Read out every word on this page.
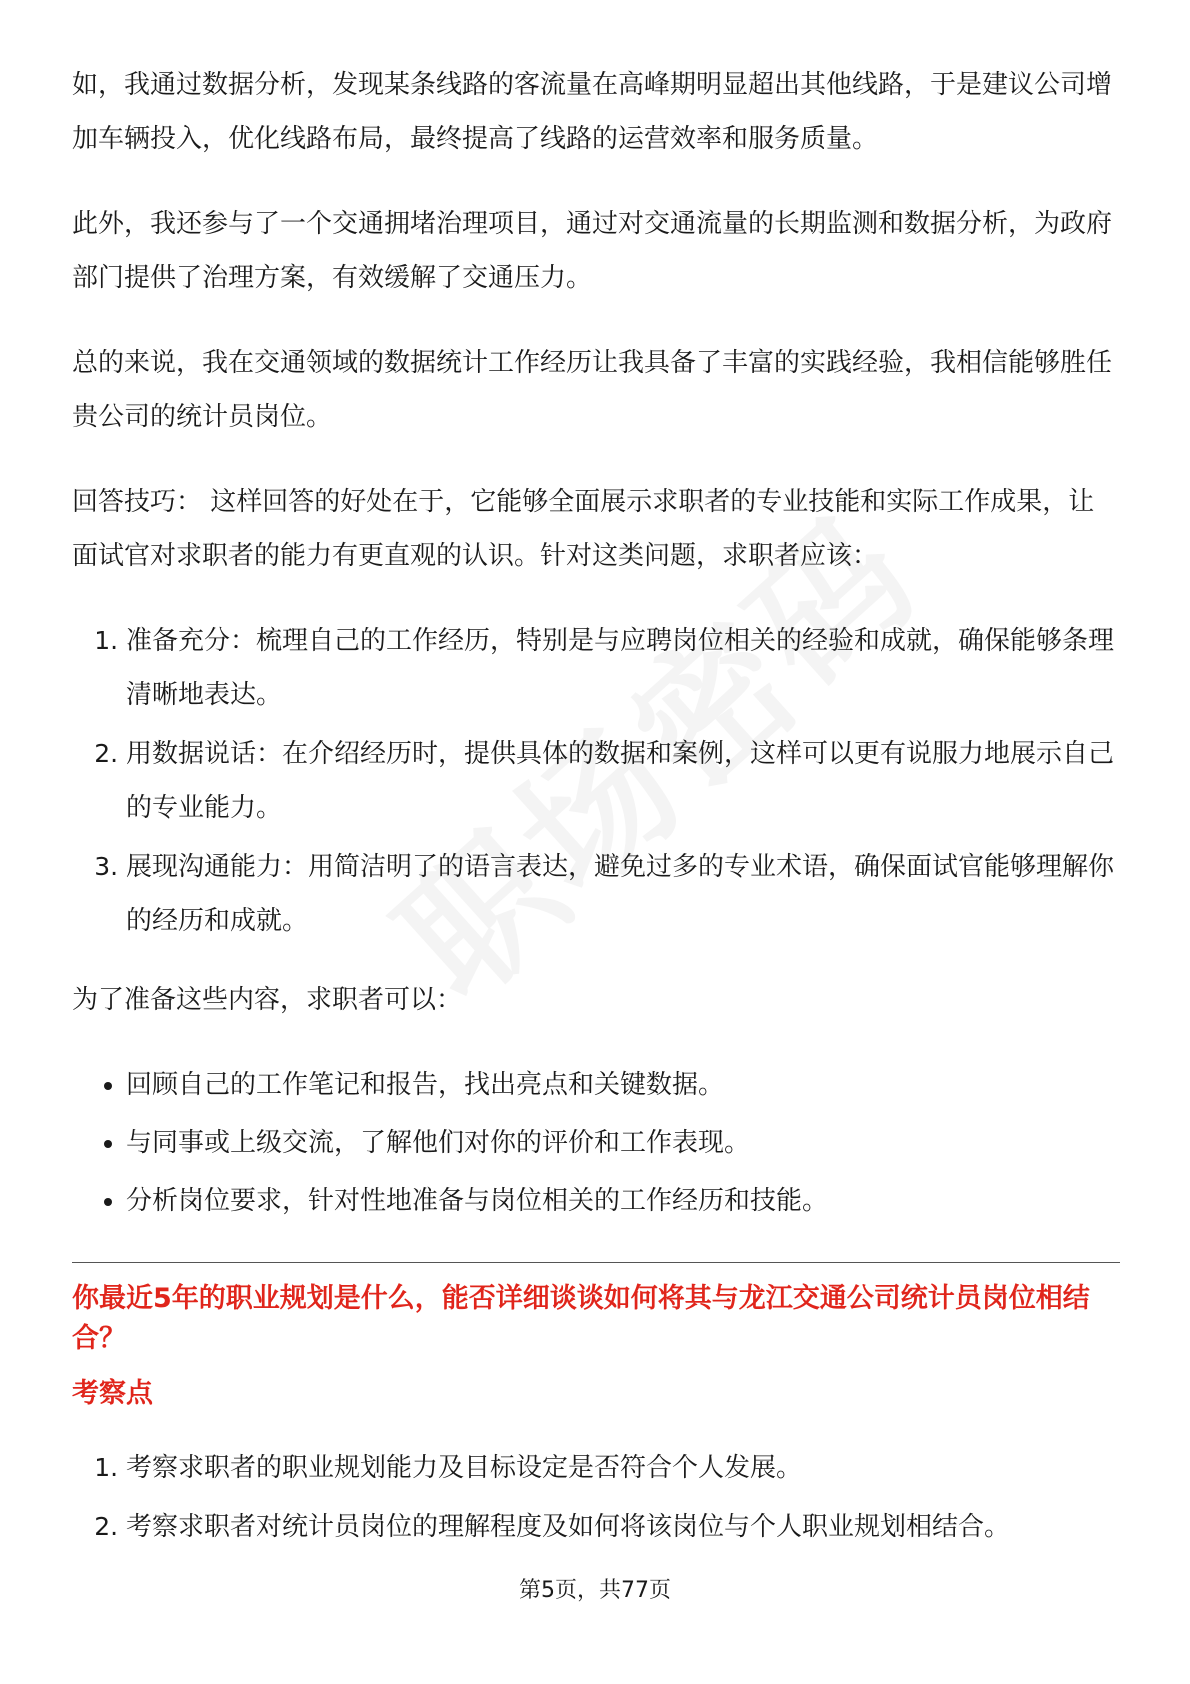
如，我通过数据分析，发现某条线路的客流量在高峰期明显超出其他线路，于是建议公司增加车辆投入，优化线路布局，最终提高了线路的运营效率和服务质量。

此外，我还参与了一个交通拥堵治理项目，通过对交通流量的长期监测和数据分析，为政府部门提供了治理方案，有效缓解了交通压力。

总的来说，我在交通领域的数据统计工作经历让我具备了丰富的实践经验，我相信能够胜任贵公司的统计员岗位。

回答技巧： 这样回答的好处在于，它能够全面展示求职者的专业技能和实际工作成果，让面试官对求职者的能力有更直观的认识。针对这类问题，求职者应该：

1. 准备充分：梳理自己的工作经历，特别是与应聘岗位相关的经验和成就，确保能够条理清晰地表达。
2. 用数据说话：在介绍经历时，提供具体的数据和案例，这样可以更有说服力地展示自己的专业能力。
3. 展现沟通能力：用简洁明了的语言表达，避免过多的专业术语，确保面试官能够理解你的经历和成就。

为了准备这些内容，求职者可以：

• 回顾自己的工作笔记和报告，找出亮点和关键数据。
• 与同事或上级交流，了解他们对你的评价和工作表现。
• 分析岗位要求，针对性地准备与岗位相关的工作经历和技能。
你最近5年的职业规划是什么，能否详细谈谈如何将其与龙江交通公司统计员岗位相结合？
考察点
1. 考察求职者的职业规划能力及目标设定是否符合个人发展。
2. 考察求职者对统计员岗位的理解程度及如何将该岗位与个人职业规划相结合。
第5页，共77页
